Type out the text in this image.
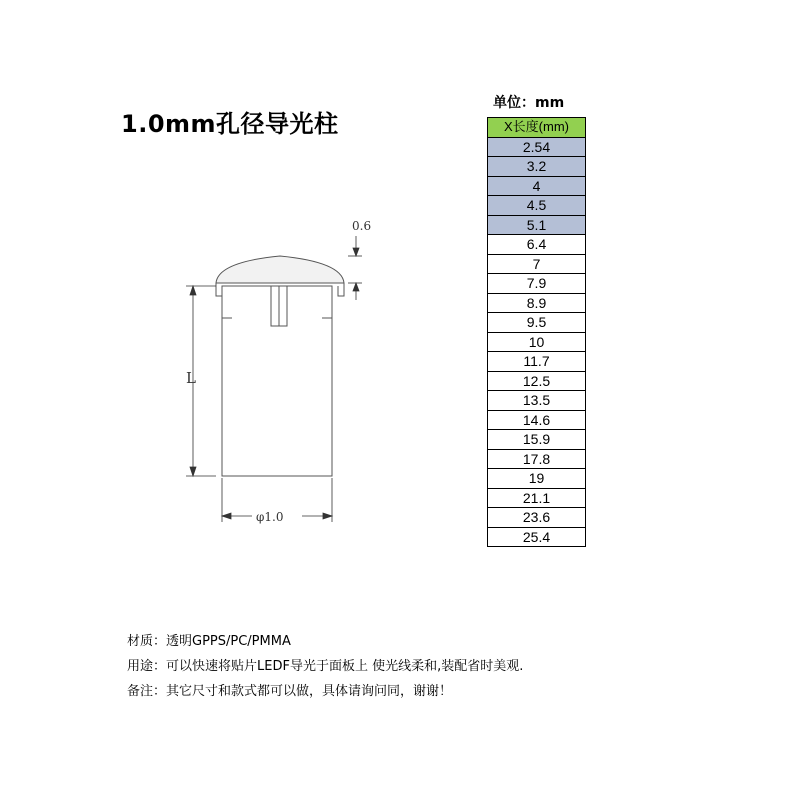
1.0mm孔径导光柱
单位：mm
X长度(mm)
2.54
3.2
4
4.5
5.1
6.4
7
7.9
8.9
9.5
10
11.7
12.5
13.5
14.6
15.9
17.8
19
21.1
23.6
25.4
0.6
L
φ1.0
材质：透明GPPS/PC/PMMA
用途：可以快速将贴片LEDF导光于面板上 使光线柔和,装配省时美观.
备注：其它尺寸和款式都可以做，具体请询问同，谢谢！
